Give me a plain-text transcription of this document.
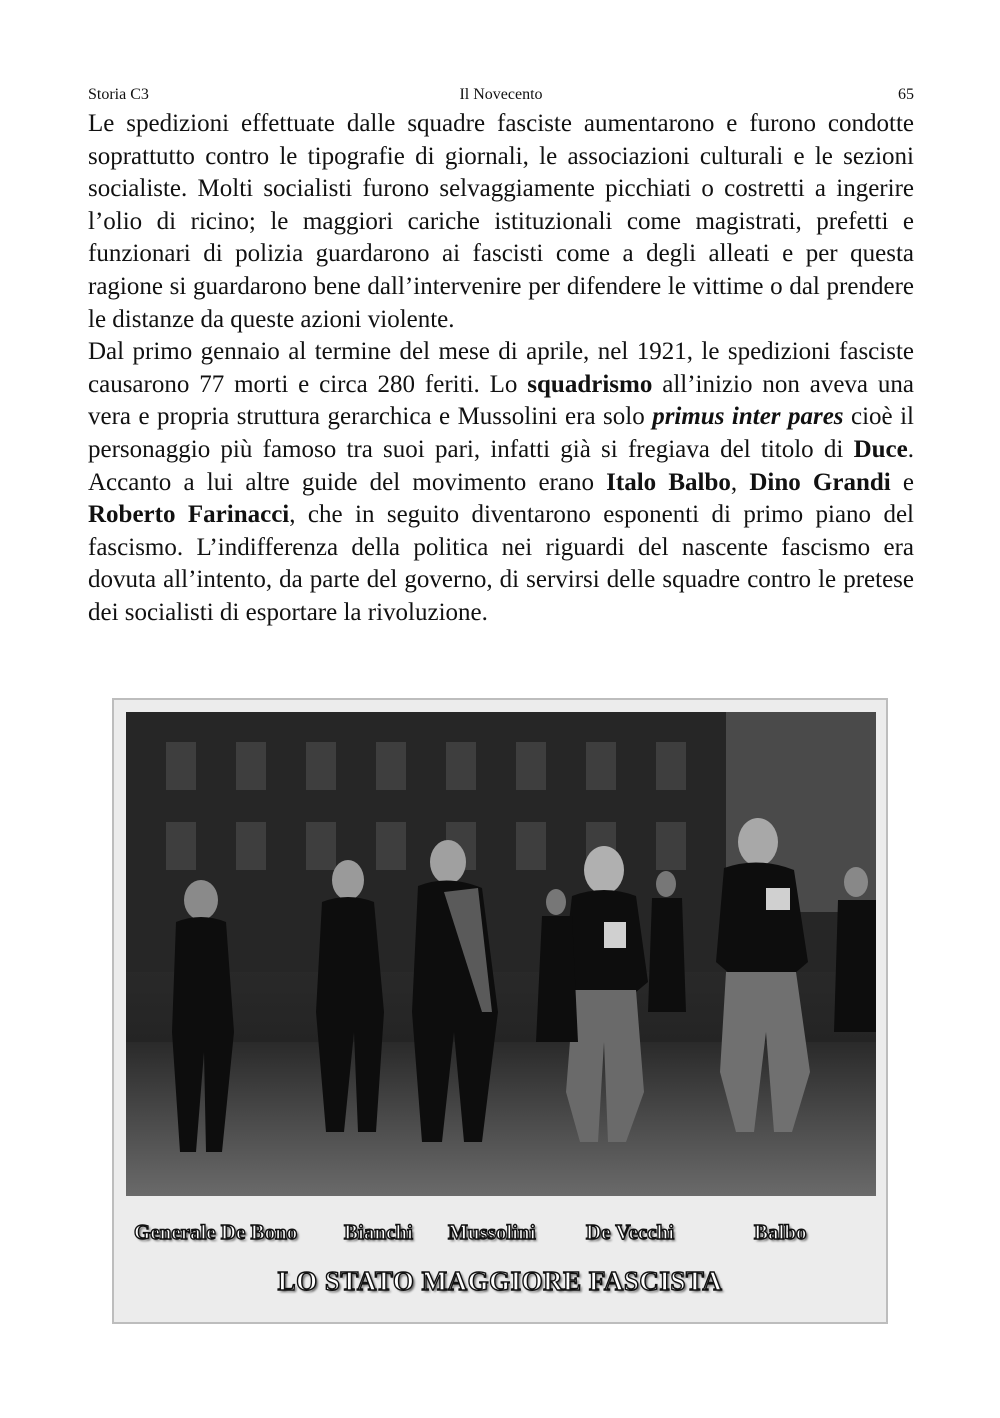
Storia C3	Il Novecento	65

Le spedizioni effettuate dalle squadre fasciste aumentarono e furono condotte soprattutto contro le tipografie di giornali, le associazioni culturali e le sezioni socialiste. Molti socialisti furono selvaggiamente picchiati o costretti a ingerire l’olio di ricino; le maggiori cariche istituzionali come magistrati, prefetti e funzionari di polizia guardarono ai fascisti come a degli alleati e per questa ragione si guardarono bene dall’intervenire per difendere le vittime o dal prendere le distanze da queste azioni violente.

Dal primo gennaio al termine del mese di aprile, nel 1921, le spedizioni fasciste causarono 77 morti e circa 280 feriti. Lo squadrismo all’inizio non aveva una vera e propria struttura gerarchica e Mussolini era solo primus inter pares cioè il personaggio più famoso tra suoi pari, infatti già si fregiava del titolo di Duce. Accanto a lui altre guide del movimento erano Italo Balbo, Dino Grandi e Roberto Farinacci, che in seguito diventarono esponenti di primo piano del fascismo. L’indifferenza della politica nei riguardi del nascente fascismo era dovuta all’intento, da parte del governo, di servirsi delle squadre contro le pretese dei socialisti di esportare la rivoluzione.

Generale De Bono Bianchi Mussolini De Vecchi	Balbo
LO STATO MAGGIORE FASCISTA
